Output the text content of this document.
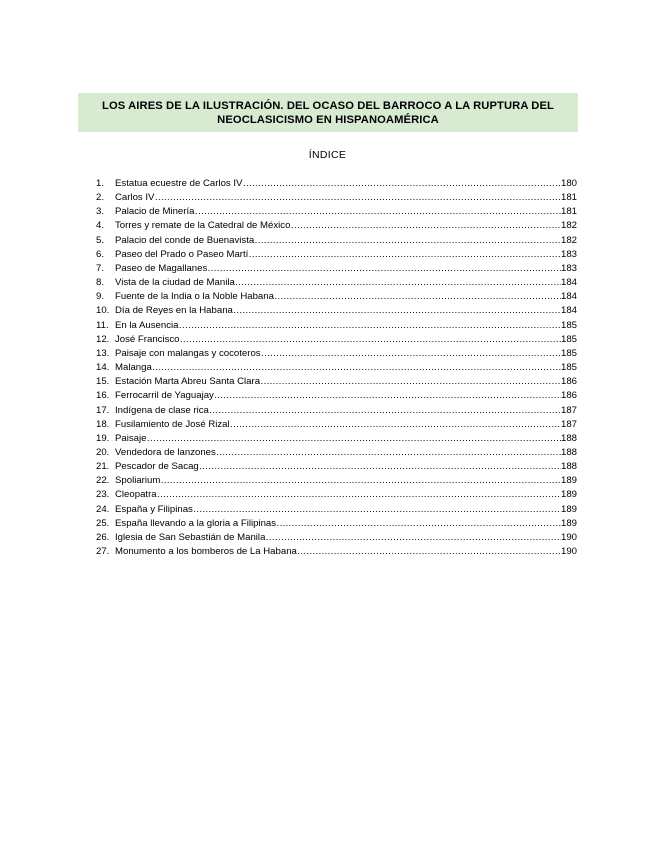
LOS AIRES DE LA ILUSTRACIÓN. DEL OCASO DEL BARROCO A LA RUPTURA DEL
NEOCLASICISMO EN HISPANOAMÉRICA
ÍNDICE
1.	Estatua ecuestre de Carlos IV ……………………………………………………………………………………………………………………………………………………………………………………………………	180
2.	Carlos IV ……………………………………………………………………………………………………………………………………………………………………………………………………	181
3.	Palacio de Minería ……………………………………………………………………………………………………………………………………………………………………………………………………	181
4.	Torres y remate de la Catedral de México ……………………………………………………………………………………………………………………………………………………………………………………………………	182
5.	Palacio del conde de Buenavista ……………………………………………………………………………………………………………………………………………………………………………………………………	182
6.	Paseo del Prado o Paseo Martí ……………………………………………………………………………………………………………………………………………………………………………………………………	183
7.	Paseo de Magallanes ……………………………………………………………………………………………………………………………………………………………………………………………………	183
8.	Vista de la ciudad de Manila ……………………………………………………………………………………………………………………………………………………………………………………………………	184
9.	Fuente de la India o la Noble Habana ……………………………………………………………………………………………………………………………………………………………………………………………………	184
10. Día de Reyes en la Habana ……………………………………………………………………………………………………………………………………………………………………………………………………	184
11. En la Ausencia ……………………………………………………………………………………………………………………………………………………………………………………………………	185
12. José Francisco ……………………………………………………………………………………………………………………………………………………………………………………………………	185
13. Paisaje con malangas y cocoteros ……………………………………………………………………………………………………………………………………………………………………………………………………	185
14. Malanga ……………………………………………………………………………………………………………………………………………………………………………………………………	185
15. Estación Marta Abreu Santa Clara ……………………………………………………………………………………………………………………………………………………………………………………………………	186
16. Ferrocarril de Yaguajay ……………………………………………………………………………………………………………………………………………………………………………………………………	186
17. Indígena de clase rica ……………………………………………………………………………………………………………………………………………………………………………………………………	187
18. Fusilamiento de José Rizal ……………………………………………………………………………………………………………………………………………………………………………………………………	187
19. Paisaje ……………………………………………………………………………………………………………………………………………………………………………………………………	188
20. Vendedora de lanzones ……………………………………………………………………………………………………………………………………………………………………………………………………	188
21. Pescador de Sacag ……………………………………………………………………………………………………………………………………………………………………………………………………	188
22. Spoliarium ……………………………………………………………………………………………………………………………………………………………………………………………………	189
23. Cleopatra ……………………………………………………………………………………………………………………………………………………………………………………………………	189
24. España y Filipinas ……………………………………………………………………………………………………………………………………………………………………………………………………	189
25. España llevando a la gloria a Filipinas ……………………………………………………………………………………………………………………………………………………………………………………………………	189
26. Iglesia de San Sebastián de Manila ……………………………………………………………………………………………………………………………………………………………………………………………………	190
27. Monumento a los bomberos de La Habana ……………………………………………………………………………………………………………………………………………………………………………………………………	190
